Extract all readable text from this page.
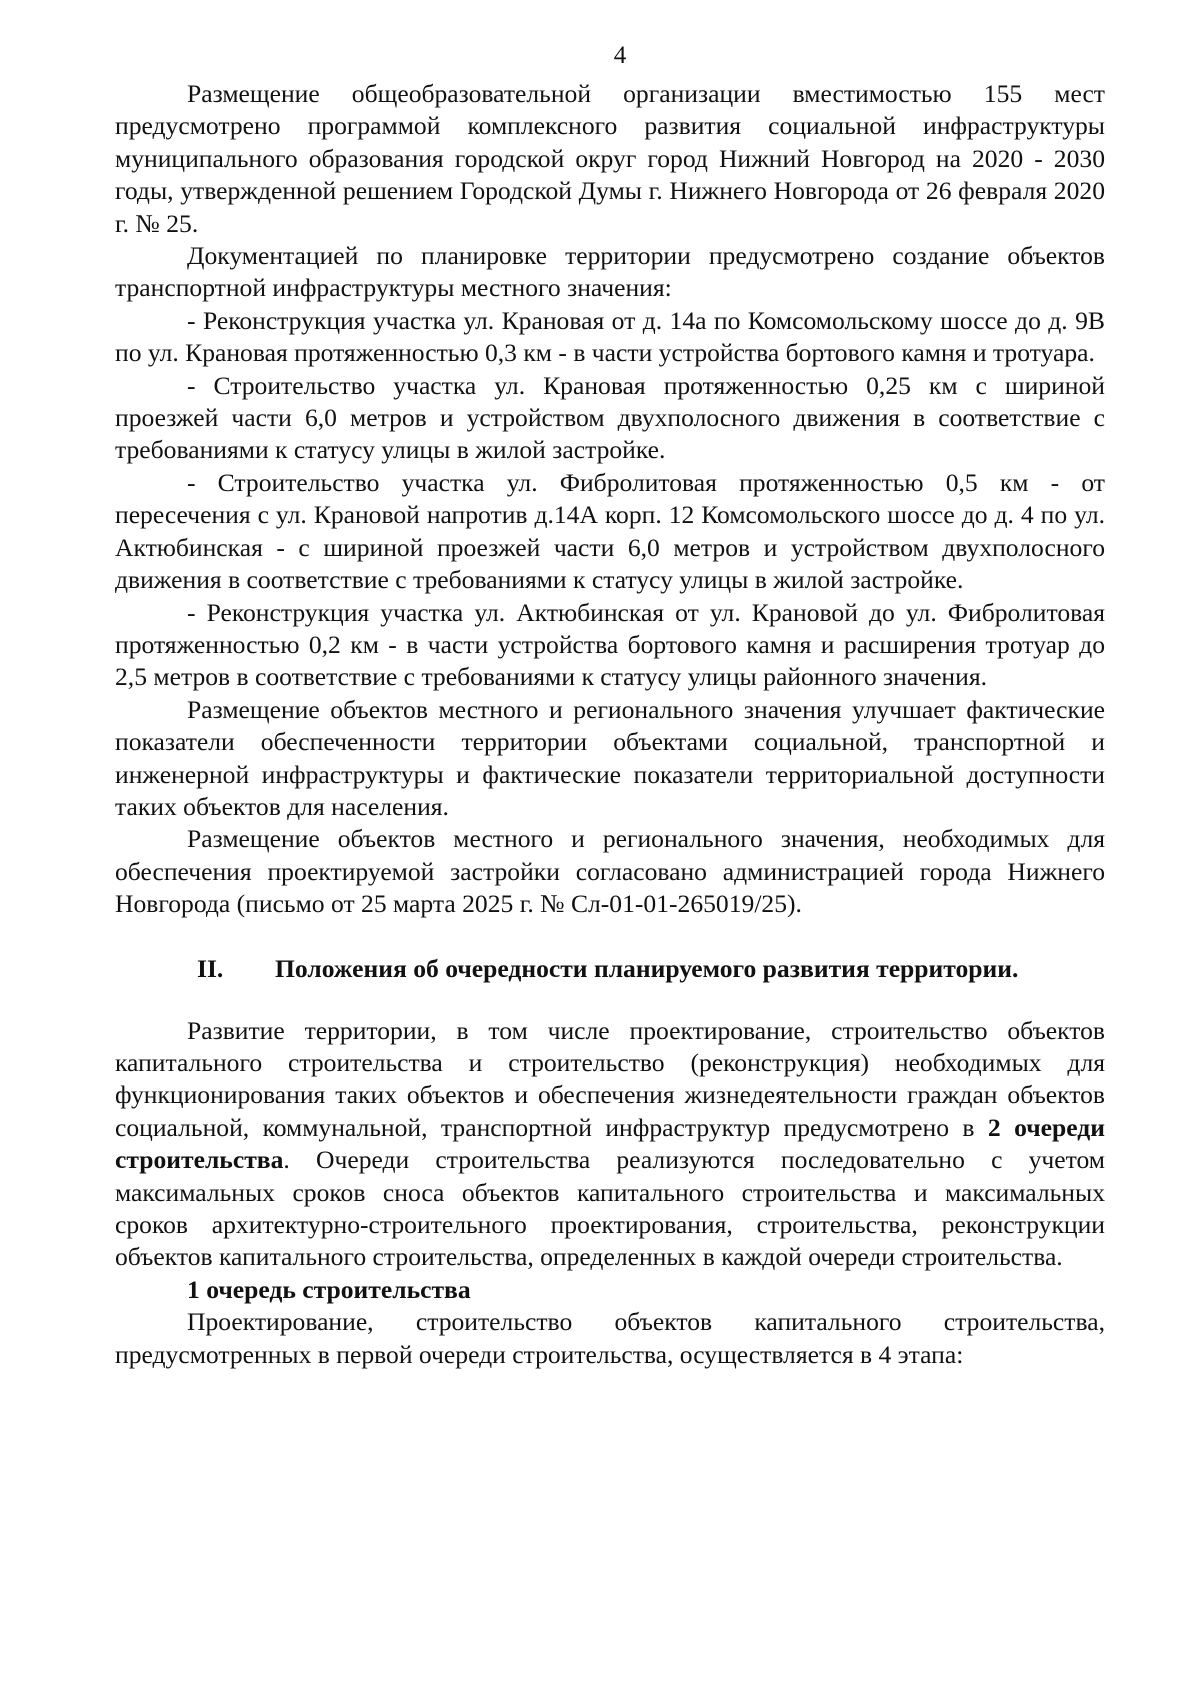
4

Размещение общеобразовательной организации вместимостью 155 мест предусмотрено программой комплексного развития социальной инфраструктуры муниципального образования городской округ город Нижний Новгород на 2020 - 2030 годы, утвержденной решением Городской Думы г. Нижнего Новгорода от 26 февраля 2020 г. № 25.

Документацией по планировке территории предусмотрено создание объектов транспортной инфраструктуры местного значения:

- Реконструкция участка ул. Крановая от д. 14а по Комсомольскому шоссе до д. 9В по ул. Крановая протяженностью 0,3 км - в части устройства бортового камня и тротуара.

- Строительство участка ул. Крановая протяженностью 0,25 км с шириной проезжей части 6,0 метров и устройством двухполосного движения в соответствие с требованиями к статусу улицы в жилой застройке.

- Строительство участка ул. Фибролитовая протяженностью 0,5 км - от пересечения с ул. Крановой напротив д.14А корп. 12 Комсомольского шоссе до д. 4 по ул. Актюбинская - с шириной проезжей части 6,0 метров и устройством двухполосного движения в соответствие с требованиями к статусу улицы в жилой застройке.

- Реконструкция участка ул. Актюбинская от ул. Крановой до ул. Фибролитовая протяженностью 0,2 км - в части устройства бортового камня и расширения тротуар до 2,5 метров в соответствие с требованиями к статусу улицы районного значения.

Размещение объектов местного и регионального значения улучшает фактические показатели обеспеченности территории объектами социальной, транспортной и инженерной инфраструктуры и фактические показатели территориальной доступности таких объектов для населения.

Размещение объектов местного и регионального значения, необходимых для обеспечения проектируемой застройки согласовано администрацией города Нижнего Новгорода (письмо от 25 марта 2025 г. № Сл-01-01-265019/25).

II.	Положения об очередности планируемого развития территории.

Развитие территории, в том числе проектирование, строительство объектов капитального строительства и строительство (реконструкция) необходимых для функционирования таких объектов и обеспечения жизнедеятельности граждан объектов социальной, коммунальной, транспортной инфраструктур предусмотрено в 2 очереди строительства. Очереди строительства реализуются последовательно с учетом максимальных сроков сноса объектов капитального строительства и максимальных сроков архитектурно-строительного проектирования, строительства, реконструкции объектов капитального строительства, определенных в каждой очереди строительства.

1 очередь строительства

Проектирование, строительство объектов капитального строительства, предусмотренных в первой очереди строительства, осуществляется в 4 этапа:
